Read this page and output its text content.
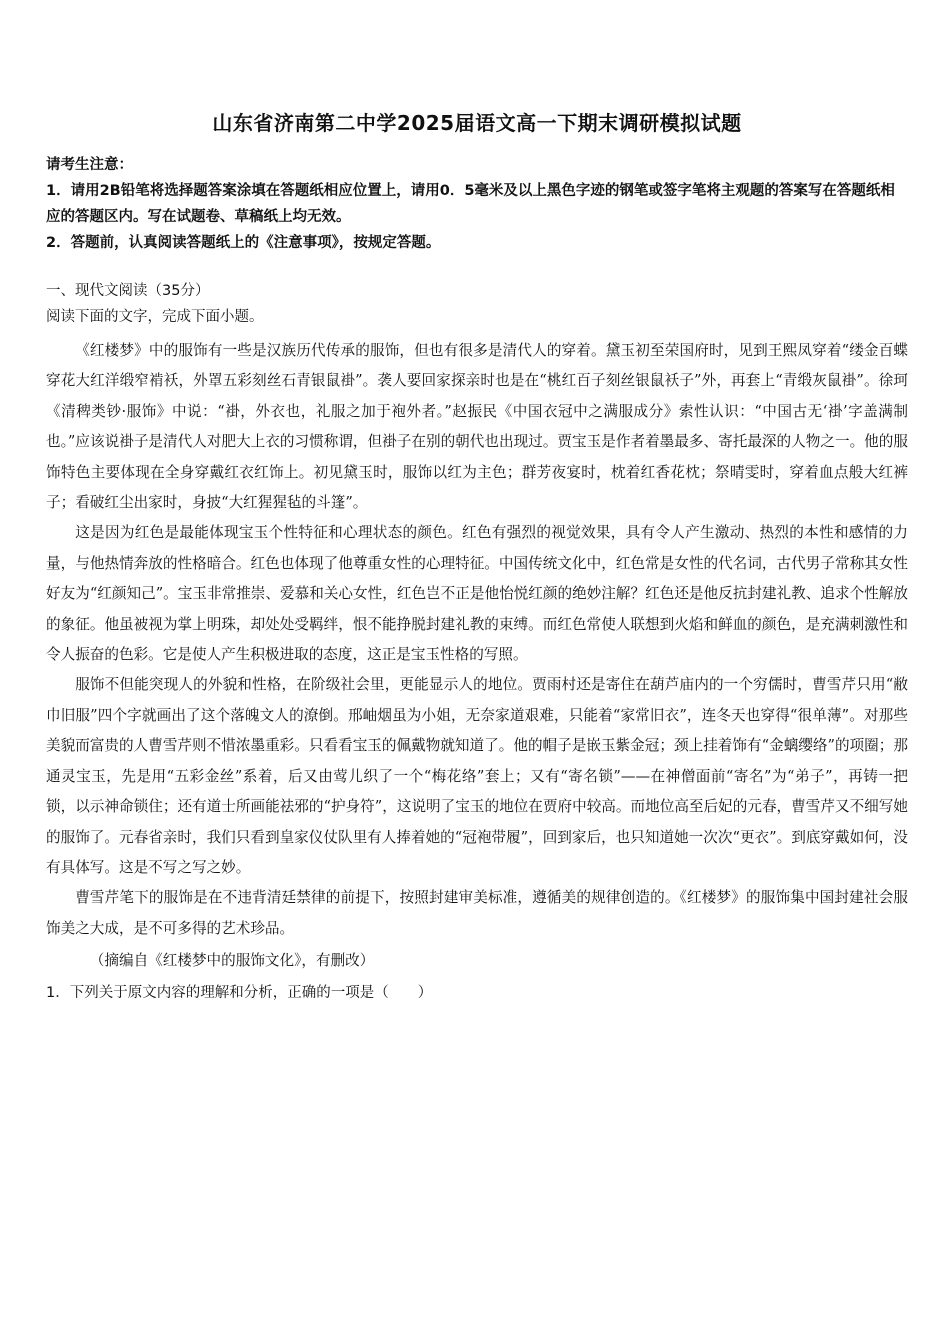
山东省济南第二中学2025届语文高一下期末调研模拟试题

请考生注意：

1．请用2B铅笔将选择题答案涂填在答题纸相应位置上，请用0．5毫米及以上黑色字迹的钢笔或签字笔将主观题的答案写在答题纸相应的答题区内。写在试题卷、草稿纸上均无效。

2．答题前，认真阅读答题纸上的《注意事项》，按规定答题。

一、现代文阅读（35分）

阅读下面的文字，完成下面小题。

《红楼梦》中的服饰有一些是汉族历代传承的服饰，但也有很多是清代人的穿着。黛玉初至荣国府时，见到王熙凤穿着“缕金百蝶穿花大红洋缎窄褃袄，外罩五彩刻丝石青银鼠褂”。袭人要回家探亲时也是在“桃红百子刻丝银鼠袄子”外，再套上“青缎灰鼠褂”。徐珂《清稗类钞·服饰》中说：“褂，外衣也，礼服之加于袍外者。”赵振民《中国衣冠中之满服成分》索性认识：“中国古无‘褂’字盖满制也。”应该说褂子是清代人对肥大上衣的习惯称谓，但褂子在别的朝代也出现过。贾宝玉是作者着墨最多、寄托最深的人物之一。他的服饰特色主要体现在全身穿戴红衣红饰上。初见黛玉时，服饰以红为主色；群芳夜宴时，枕着红香花枕；祭晴雯时，穿着血点般大红裤子；看破红尘出家时，身披“大红猩猩毡的斗篷”。

这是因为红色是最能体现宝玉个性特征和心理状态的颜色。红色有强烈的视觉效果，具有令人产生激动、热烈的本性和感情的力量，与他热情奔放的性格暗合。红色也体现了他尊重女性的心理特征。中国传统文化中，红色常是女性的代名词，古代男子常称其女性好友为“红颜知己”。宝玉非常推崇、爱慕和关心女性，红色岂不正是他怡悦红颜的绝妙注解？红色还是他反抗封建礼教、追求个性解放的象征。他虽被视为掌上明珠，却处处受羁绊，恨不能挣脱封建礼教的束缚。而红色常使人联想到火焰和鲜血的颜色，是充满刺激性和令人振奋的色彩。它是使人产生积极进取的态度，这正是宝玉性格的写照。

服饰不但能突现人的外貌和性格，在阶级社会里，更能显示人的地位。贾雨村还是寄住在葫芦庙内的一个穷儒时，曹雪芹只用“敝巾旧服”四个字就画出了这个落魄文人的潦倒。邢岫烟虽为小姐，无奈家道艰难，只能着“家常旧衣”，连冬天也穿得“很单薄”。对那些美貌而富贵的人曹雪芹则不惜浓墨重彩。只看看宝玉的佩戴物就知道了。他的帽子是嵌玉紫金冠；颈上挂着饰有“金螭缨络”的项圈；那通灵宝玉，先是用“五彩金丝”系着，后又由莺儿织了一个“梅花络”套上；又有“寄名锁”——在神僧面前“寄名”为“弟子”，再铸一把锁，以示神命锁住；还有道士所画能祛邪的“护身符”，这说明了宝玉的地位在贾府中较高。而地位高至后妃的元春，曹雪芹又不细写她的服饰了。元春省亲时，我们只看到皇家仪仗队里有人捧着她的“冠袍带履”，回到家后，也只知道她一次次“更衣”。到底穿戴如何，没有具体写。这是不写之写之妙。

曹雪芹笔下的服饰是在不违背清廷禁律的前提下，按照封建审美标准，遵循美的规律创造的。《红楼梦》的服饰集中国封建社会服饰美之大成，是不可多得的艺术珍品。

（摘编自《红楼梦中的服饰文化》，有删改）

1．下列关于原文内容的理解和分析，正确的一项是（　　）
